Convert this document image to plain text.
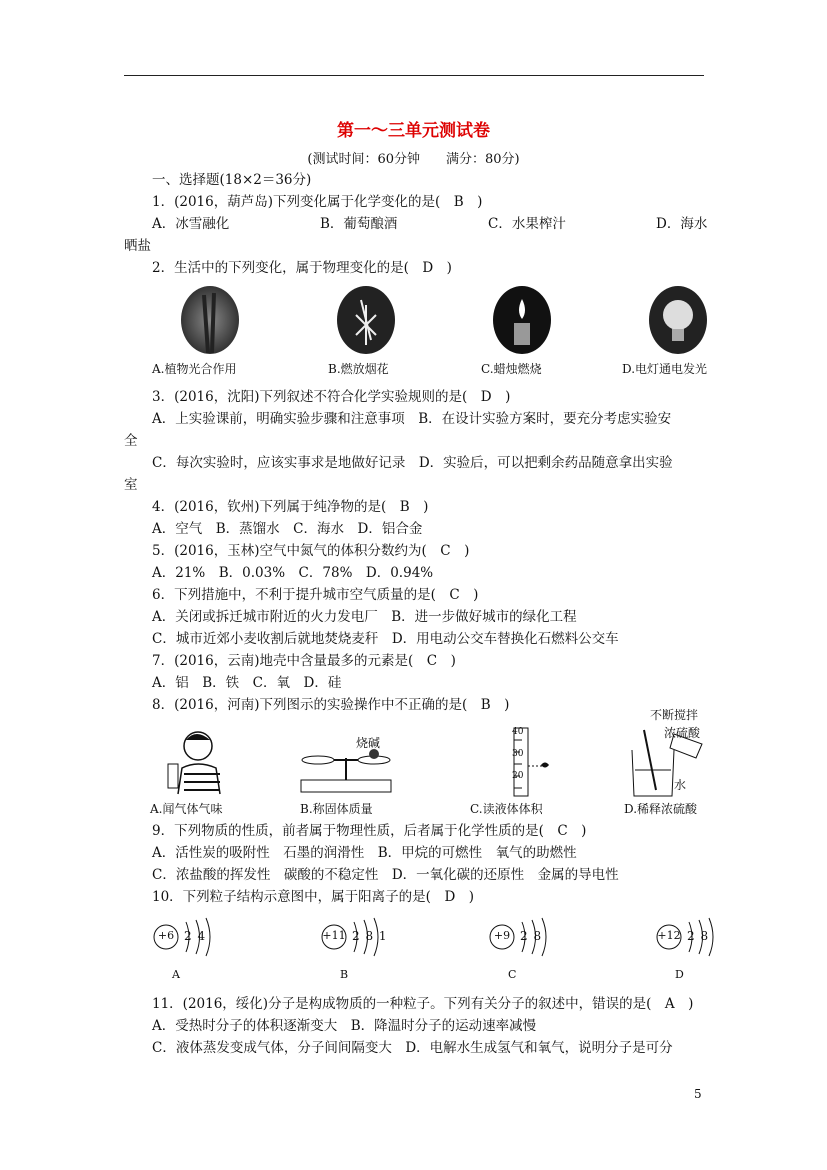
第一～三单元测试卷
(测试时间：60分钟　　满分：80分)
一、选择题(18×2＝36分)
1．(2016，葫芦岛)下列变化属于化学变化的是(　B　)
A．冰雪融化	B．葡萄酿酒	C．水果榨汁	D．海水
晒盐
2．生活中的下列变化，属于物理变化的是(　D　)
A.植物光合作用	B.燃放烟花	C.蜡烛燃烧	D.电灯通电发光
3．(2016，沈阳)下列叙述不符合化学实验规则的是(　D　)
A．上实验课前，明确实验步骤和注意事项　B．在设计实验方案时，要充分考虑实验安
全
C．每次实验时，应该实事求是地做好记录　D．实验后，可以把剩余药品随意拿出实验
室
4．(2016，钦州)下列属于纯净物的是(　B　)
A．空气　B．蒸馏水　C．海水　D．铝合金
5．(2016，玉林)空气中氮气的体积分数约为(　C　)
A．21%　B．0.03%　C．78%　D．0.94%
6．下列措施中，不利于提升城市空气质量的是(　C　)
A．关闭或拆迁城市附近的火力发电厂　B．进一步做好城市的绿化工程
C．城市近郊小麦收割后就地焚烧麦秆　D．用电动公交车替换化石燃料公交车
7．(2016，云南)地壳中含量最多的元素是(　C　)
A．铝　B．铁　C．氧　D．硅
8．(2016，河南)下列图示的实验操作中不正确的是(　B　)
烧碱
40
30
20
不断搅拌
浓硫酸
水
A.闻气体气味	B.称固体质量	C.读液体体积	D.稀释浓硫酸
9．下列物质的性质，前者属于物理性质，后者属于化学性质的是(　C　)
A．活性炭的吸附性　石墨的润滑性　B．甲烷的可燃性　氧气的助燃性
C．浓盐酸的挥发性　碳酸的不稳定性　D．一氧化碳的还原性　金属的导电性
10．下列粒子结构示意图中，属于阳离子的是(　D　)
+6 2 4
A
+11 2 8 1
B
+9 2 8
C
+12 2 8
D
11．(2016，绥化)分子是构成物质的一种粒子。下列有关分子的叙述中，错误的是(　A　)
A．受热时分子的体积逐渐变大　B．降温时分子的运动速率减慢
C．液体蒸发变成气体，分子间间隔变大　D．电解水生成氢气和氧气，说明分子是可分
5
